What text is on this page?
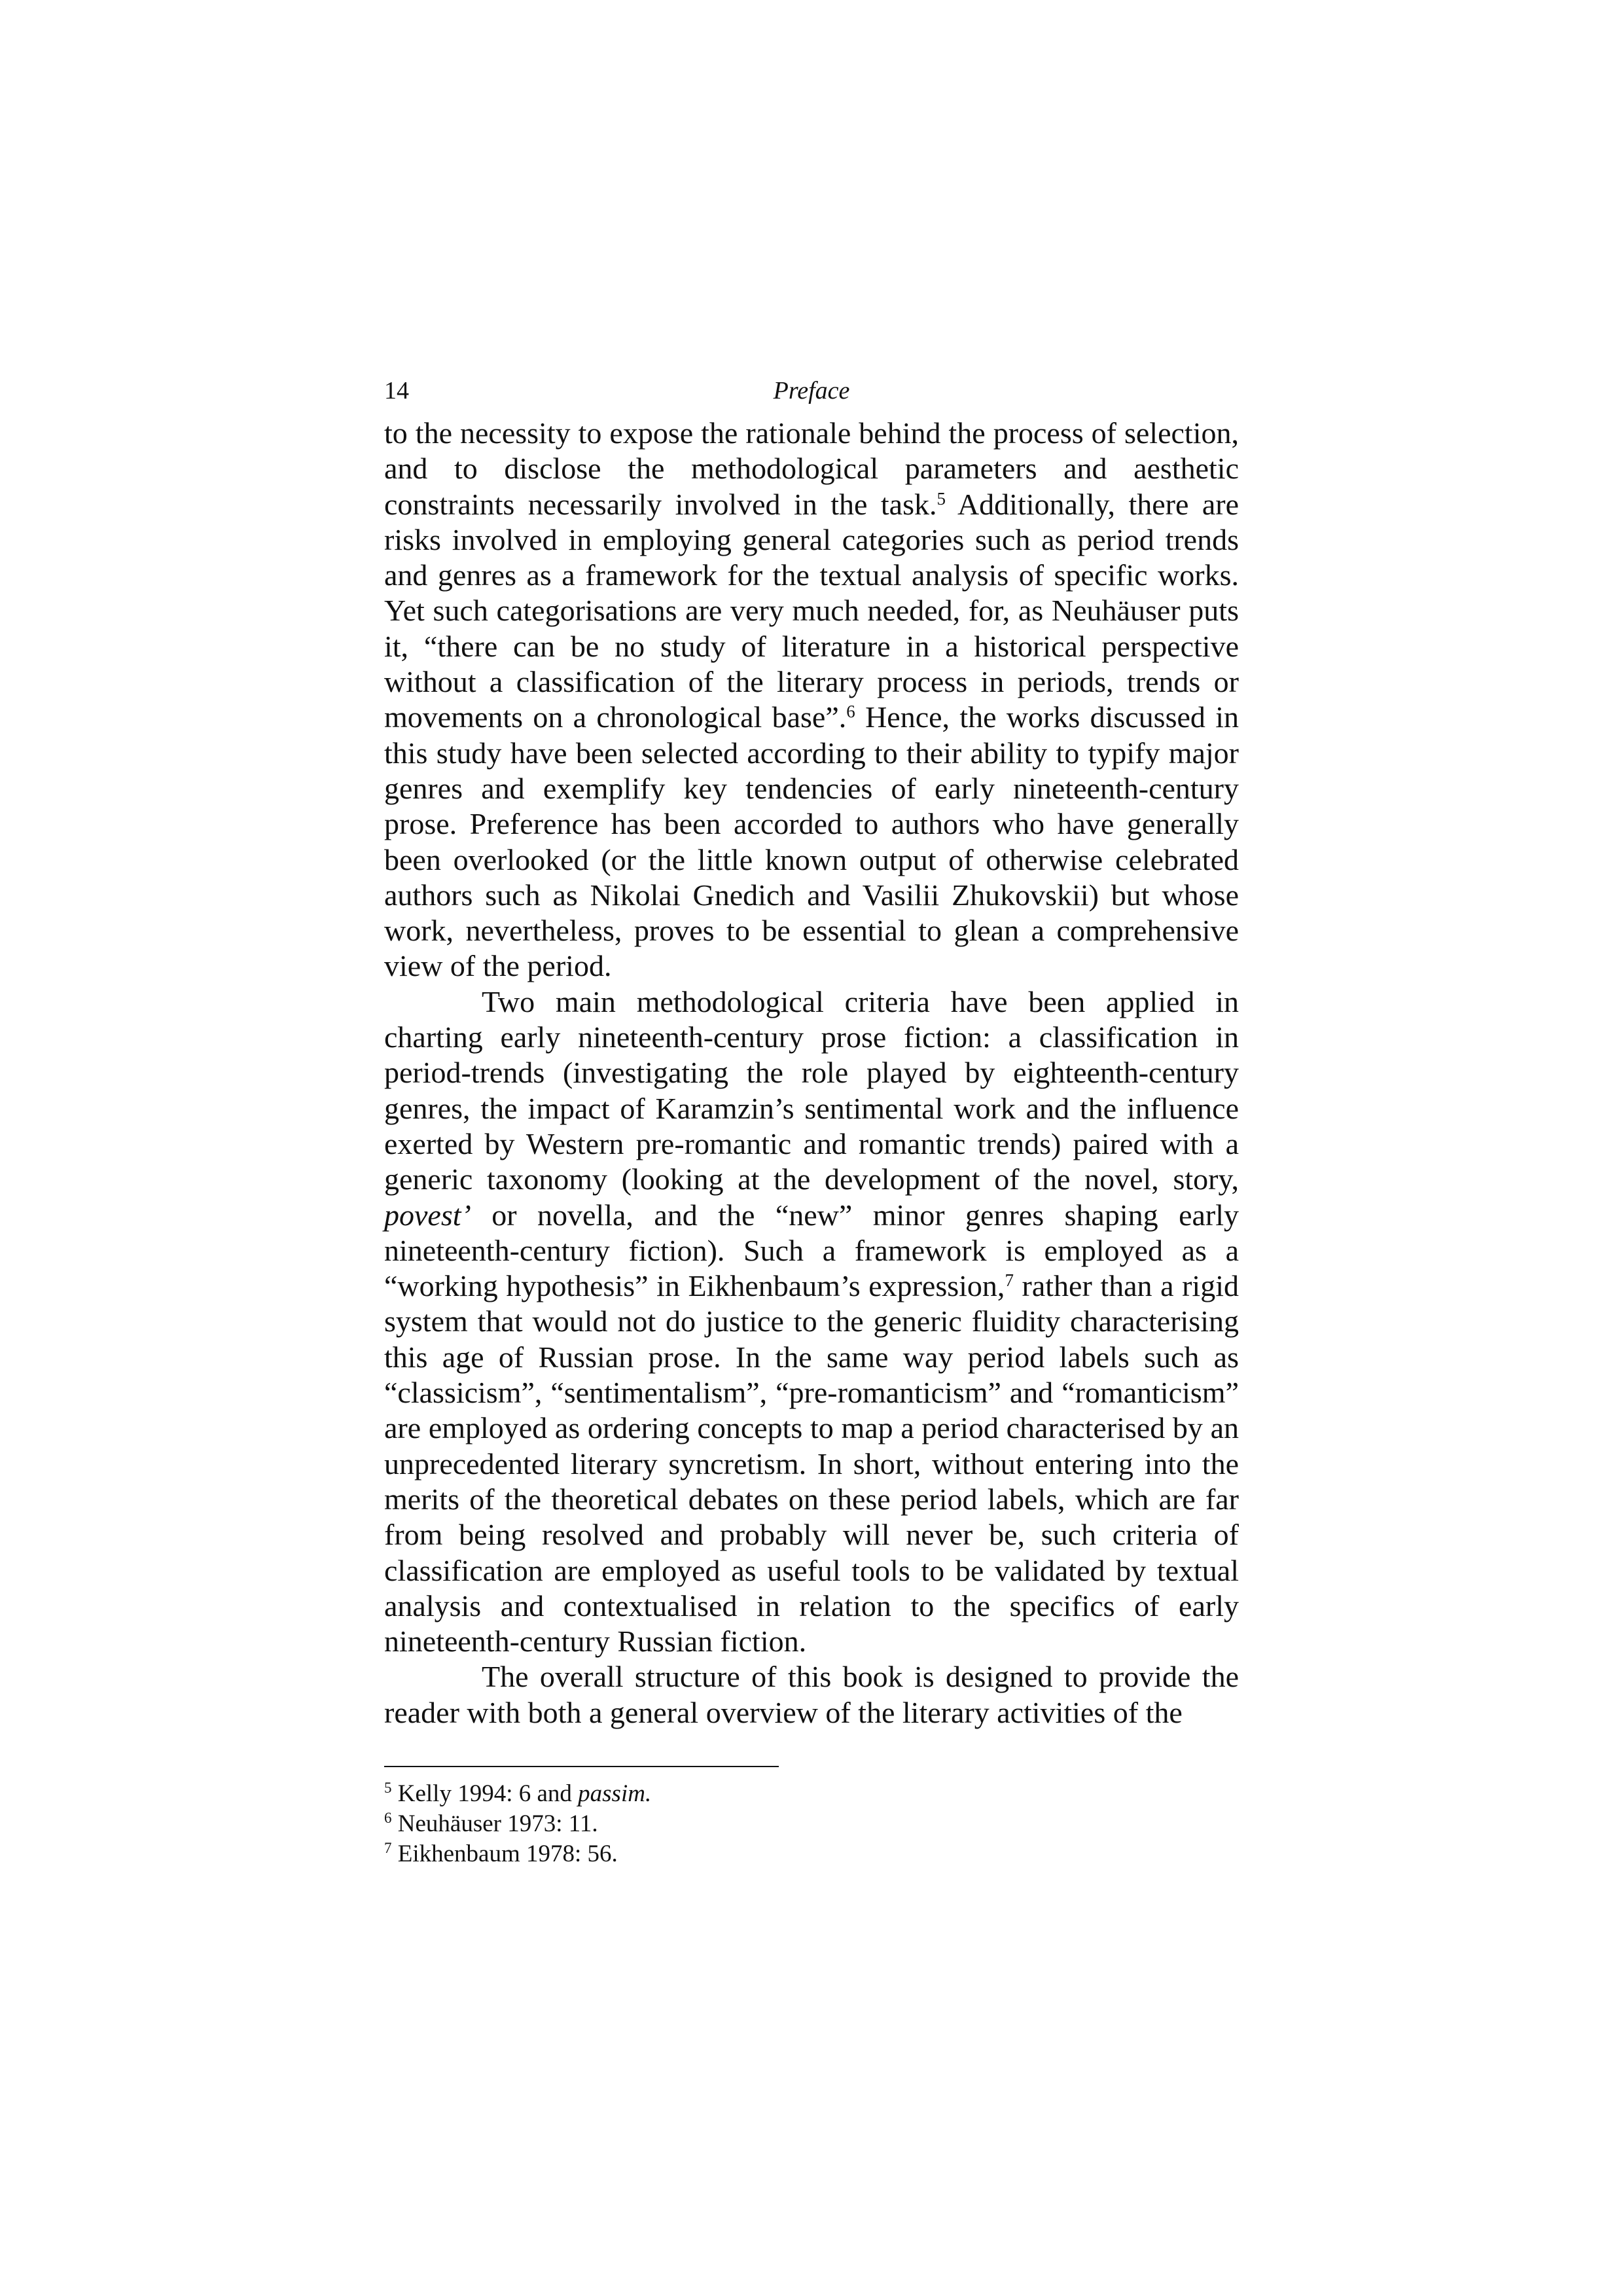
14	Preface

to the necessity to expose the rationale behind the process of selection, and to disclose the methodological parameters and aesthetic constraints necessarily involved in the task.$^5$ Additionally, there are risks involved in employing general categories such as period trends and genres as a framework for the textual analysis of specific works. Yet such categorisations are very much needed, for, as Neuhäuser puts it, “there can be no study of literature in a historical perspective without a classification of the literary process in periods, trends or movements on a chronological base”.$^6$ Hence, the works discussed in this study have been selected according to their ability to typify major genres and exemplify key tendencies of early nineteenth-century prose. Preference has been accorded to authors who have generally been overlooked (or the little known output of otherwise celebrated authors such as Nikolai Gnedich and Vasilii Zhukovskii) but whose work, nevertheless, proves to be essential to glean a comprehensive view of the period.

Two main methodological criteria have been applied in charting early nineteenth-century prose fiction: a classification in period-trends (investigating the role played by eighteenth-century genres, the impact of Karamzin’s sentimental work and the influence exerted by Western pre-romantic and romantic trends) paired with a generic taxonomy (looking at the development of the novel, story, povest’ or novella, and the “new” minor genres shaping early nineteenth-century fiction). Such a framework is employed as a “working hypothesis” in Eikhenbaum’s expression,$^7$ rather than a rigid system that would not do justice to the generic fluidity characterising this age of Russian prose. In the same way period labels such as “classicism”, “sentimentalism”, “pre-romanticism” and “romanticism” are employed as ordering concepts to map a period characterised by an unprecedented literary syncretism. In short, without entering into the merits of the theoretical debates on these period labels, which are far from being resolved and probably will never be, such criteria of classification are employed as useful tools to be validated by textual analysis and contextualised in relation to the specifics of early nineteenth-century Russian fiction.

The overall structure of this book is designed to provide the reader with both a general overview of the literary activities of the

$^5$ Kelly 1994: 6 and passim.
$^6$ Neuhäuser 1973: 11.
$^7$ Eikhenbaum 1978: 56.
